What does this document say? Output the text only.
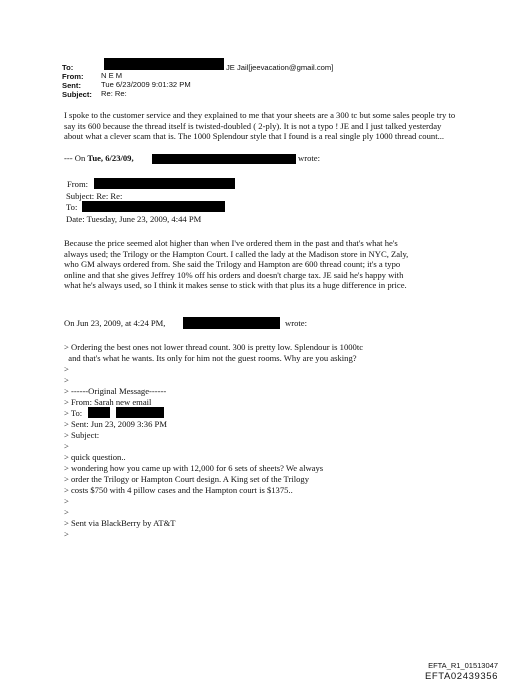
To:	JE Jail[jeevacation@gmail.com]
From: N E M
Sent:	Tue 6/23/2009 9:01:32 PM
Subject: Re: Re:
I spoke to the customer service and they explained to me that your sheets are a 300 tc but some sales people try to say its 600 because the thread itself is twisted-doubled ( 2-ply). It is not a typo ! JE and I just talked yesterday about what a clever scam that is. The 1000 Splendour style that I found is a real single ply 1000 thread count...
--- On Tue, 6/23/09,	wrote:
From:
Subject: Re: Re:
To:
Date: Tuesday, June 23, 2009, 4:44 PM
Because the price seemed alot higher than when I've ordered them in the past and that's what he's always used; the Trilogy or the Hampton Court. I called the lady at the Madison store in NYC, Zaly, who GM always ordered from. She said the Trilogy and Hampton are 600 thread count; it's a typo online and that she gives Jeffrey 10% off his orders and doesn't charge tax. JE said he's happy with what he's always used, so I think it makes sense to stick with that plus its a huge difference in price.
On Jun 23, 2009, at 4:24 PM,	wrote:
> Ordering the best ones not lower thread count. 300 is pretty low. Splendour is 1000tc
and that's what he wants. Its only for him not the guest rooms. Why are you asking?
>
>
> ------Original Message------
> From: Sarah new email
> To:
> Sent: Jun 23, 2009 3:36 PM
> Subject:
>
> quick question..
> wondering how you came up with 12,000 for 6 sets of sheets? We always
> order the Trilogy or Hampton Court design. A King set of the Trilogy
> costs $750 with 4 pillow cases and the Hampton court is $1375..
>
>
> Sent via BlackBerry by AT&T
>
EFTA_R1_01513047
EFTA02439356
